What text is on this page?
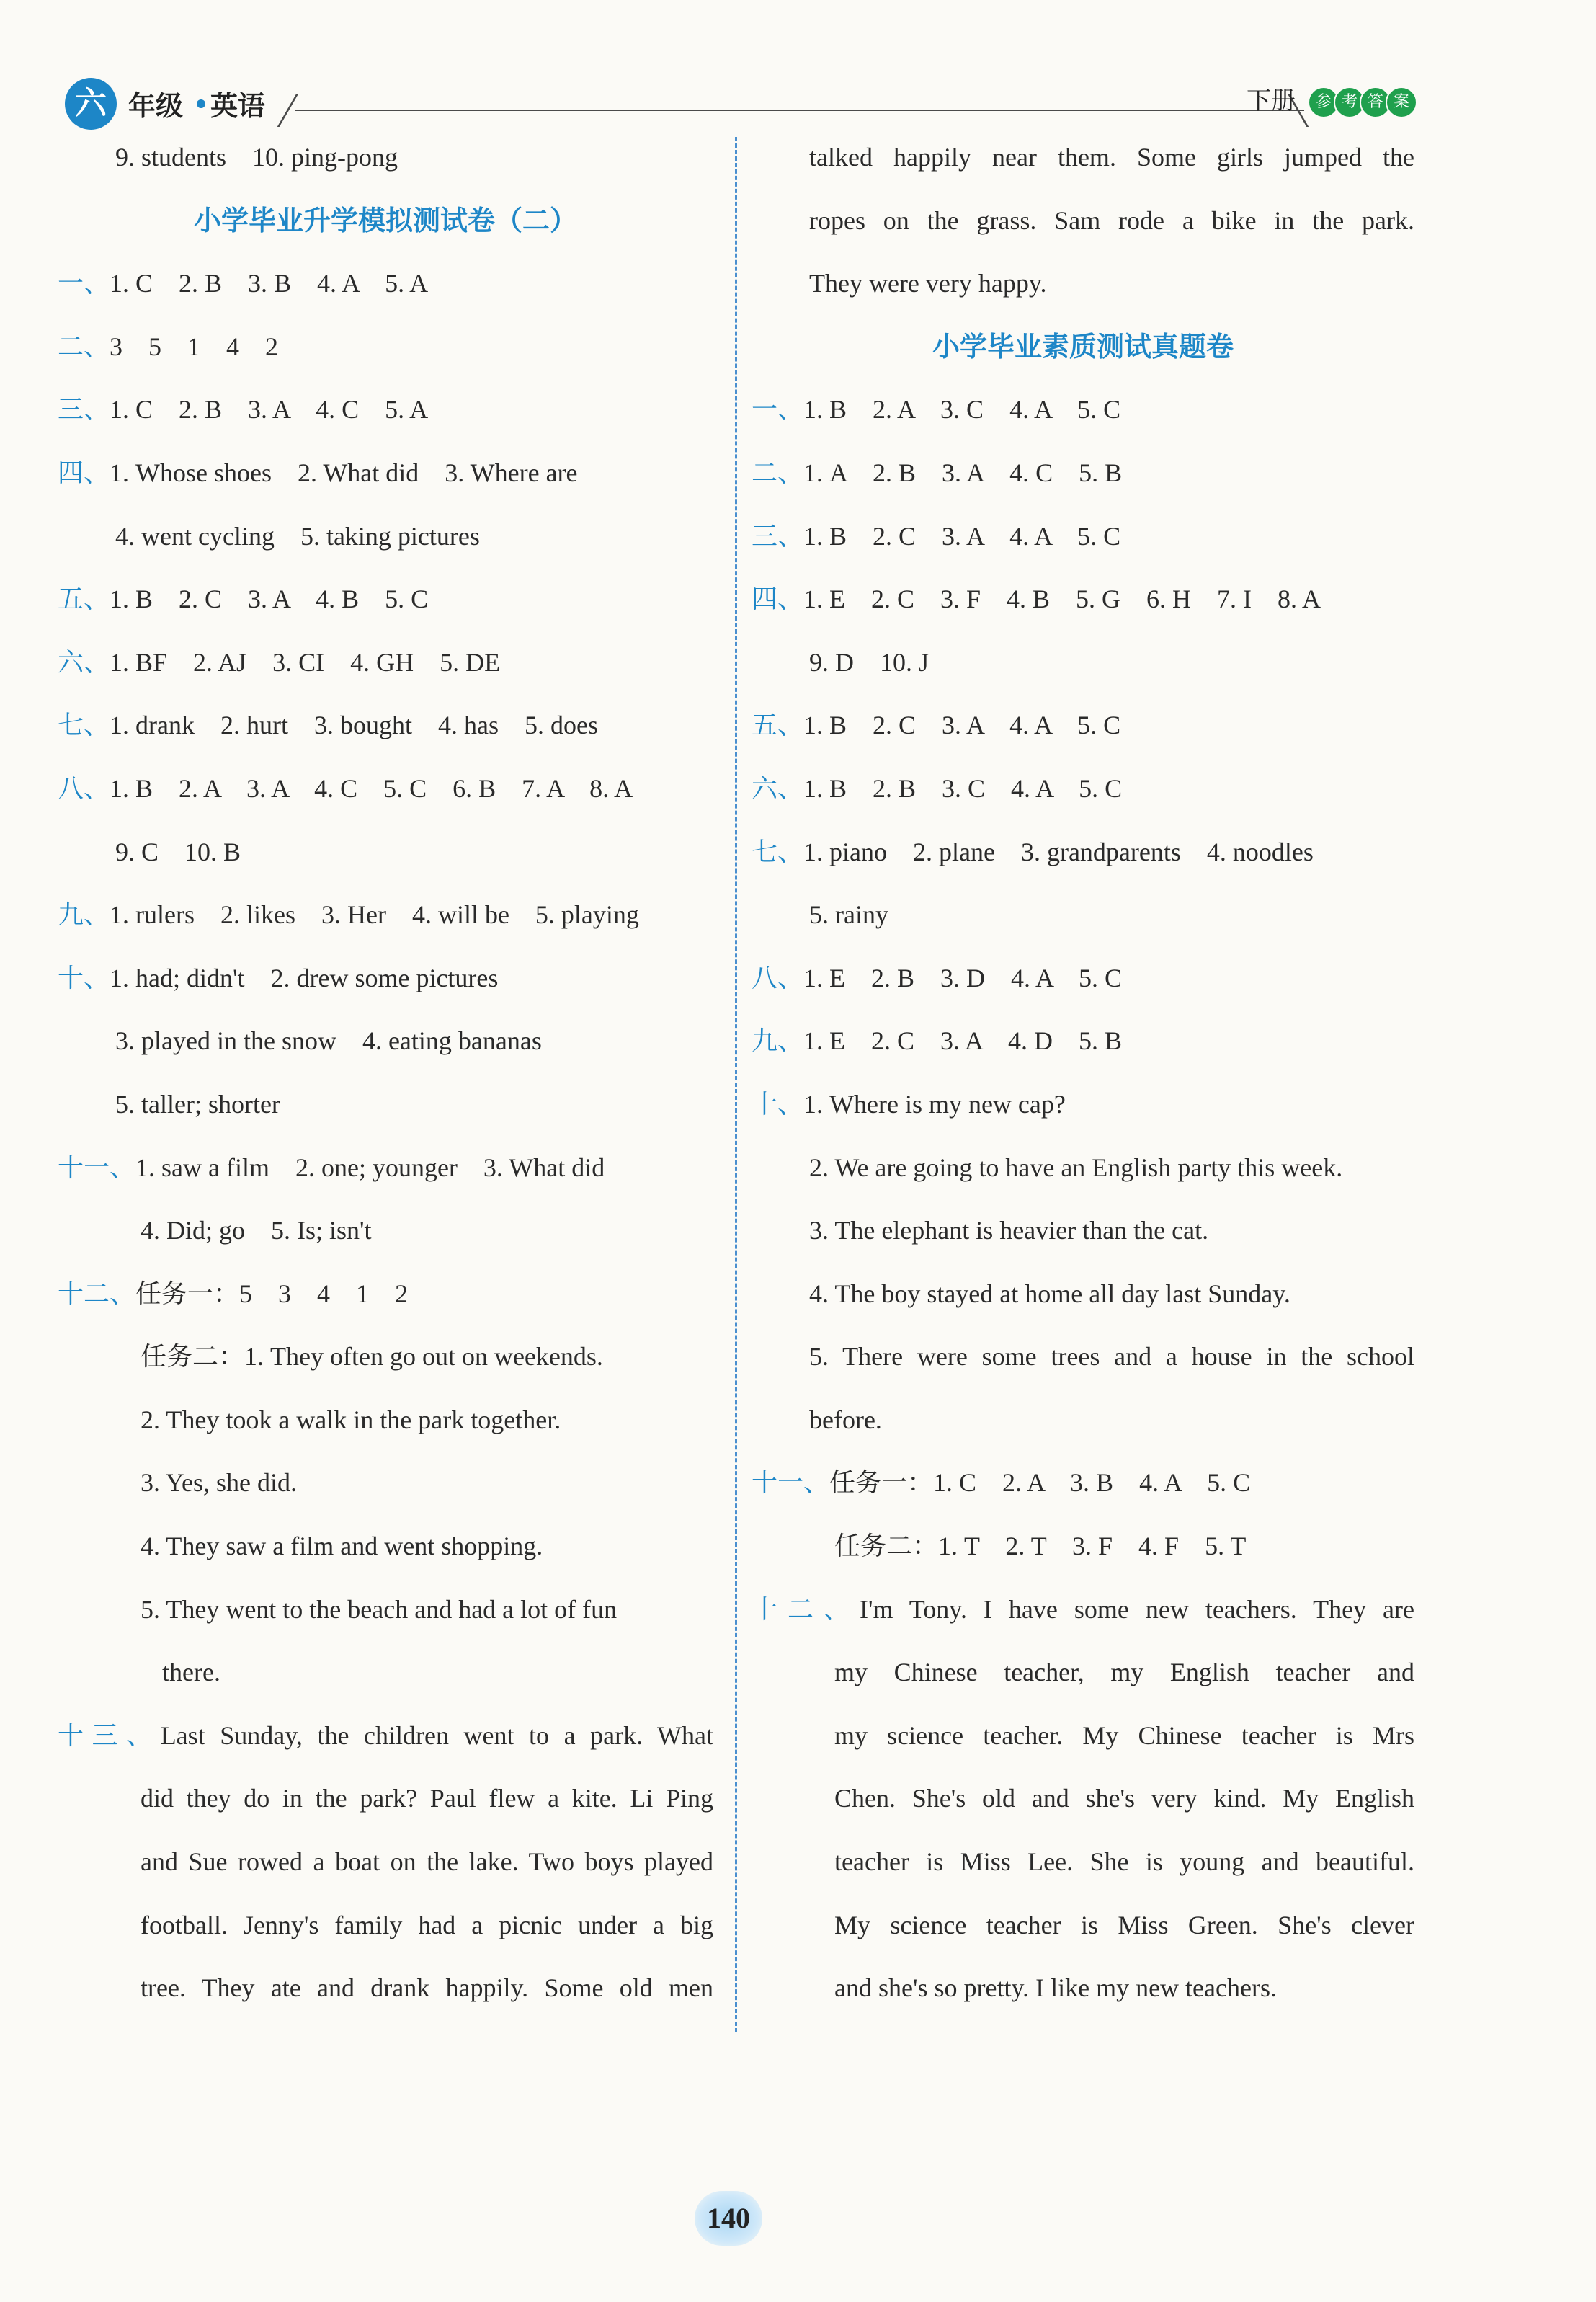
六 年级 英语	下册	参 考 答 案
9. students    10. ping-pong
小学毕业升学模拟测试卷（二）
一、1. C    2. B    3. B    4. A    5. A
二、3    5    1    4    2
三、1. C    2. B    3. A    4. C    5. A
四、1. Whose shoes    2. What did    3. Where are
4. went cycling    5. taking pictures
五、1. B    2. C    3. A    4. B    5. C
六、1. BF    2. AJ    3. CI    4. GH    5. DE
七、1. drank    2. hurt    3. bought    4. has    5. does
八、1. B    2. A    3. A    4. C    5. C    6. B    7. A    8. A
9. C    10. B
九、1. rulers    2. likes    3. Her    4. will be    5. playing
十、1. had; didn't    2. drew some pictures
3. played in the snow    4. eating bananas
5. taller; shorter
十一、1. saw a film    2. one; younger    3. What did
4. Did; go    5. Is; isn't
十二、任务一：5    3    4    1    2
任务二：1. They often go out on weekends.
2. They took a walk in the park together.
3. Yes, she did.
4. They saw a film and went shopping.
5. They went to the beach and had a lot of fun
there.
十三、Last Sunday, the children went to a park. What
did they do in the park? Paul flew a kite. Li Ping
and Sue rowed a boat on the lake. Two boys played
football. Jenny's family had a picnic under a big
tree. They ate and drank happily. Some old men
talked happily near them. Some girls jumped the
ropes on the grass. Sam rode a bike in the park.
They were very happy.
小学毕业素质测试真题卷
一、1. B    2. A    3. C    4. A    5. C
二、1. A    2. B    3. A    4. C    5. B
三、1. B    2. C    3. A    4. A    5. C
四、1. E    2. C    3. F    4. B    5. G    6. H    7. I    8. A
9. D    10. J
五、1. B    2. C    3. A    4. A    5. C
六、1. B    2. B    3. C    4. A    5. C
七、1. piano    2. plane    3. grandparents    4. noodles
5. rainy
八、1. E    2. B    3. D    4. A    5. C
九、1. E    2. C    3. A    4. D    5. B
十、1. Where is my new cap?
2. We are going to have an English party this week.
3. The elephant is heavier than the cat.
4. The boy stayed at home all day last Sunday.
5. There were some trees and a house in the school
before.
十一、任务一：1. C    2. A    3. B    4. A    5. C
任务二：1. T    2. T    3. F    4. F    5. T
十二、I'm Tony. I have some new teachers. They are
my Chinese teacher, my English teacher and
my science teacher. My Chinese teacher is Mrs
Chen. She's old and she's very kind. My English
teacher is Miss Lee. She is young and beautiful.
My science teacher is Miss Green. She's clever
and she's so pretty. I like my new teachers.
140
